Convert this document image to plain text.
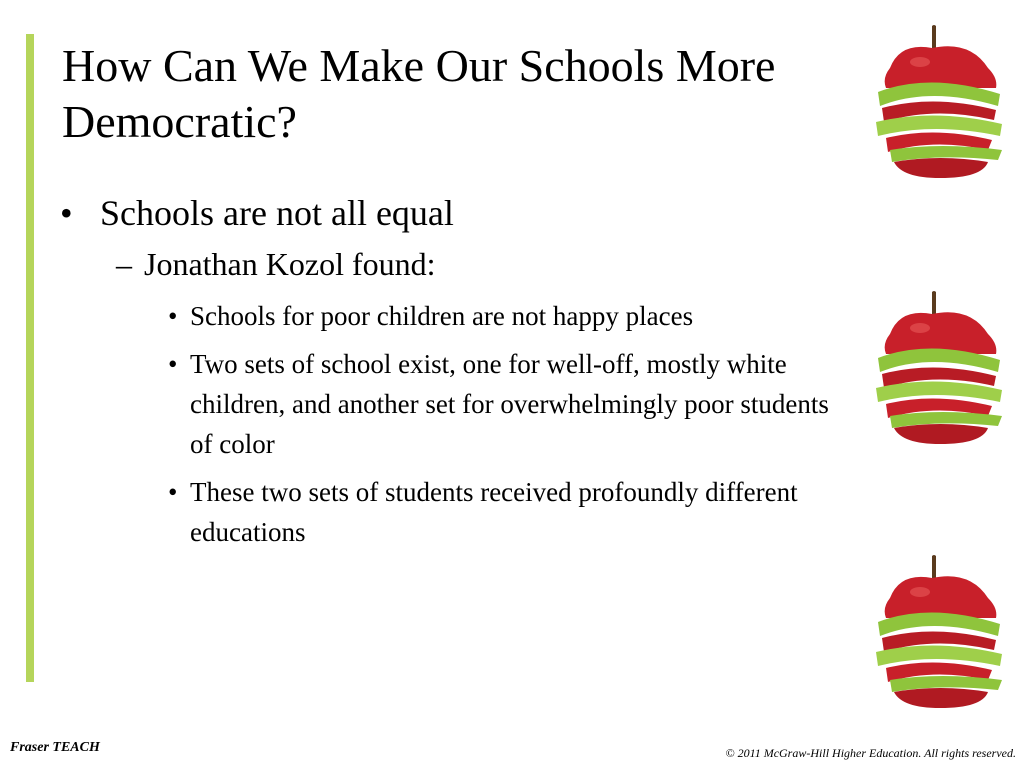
How Can We Make Our Schools More Democratic?
• Schools are not all equal
– Jonathan Kozol found:
• Schools for poor children are not happy places
• Two sets of school exist, one for well-off, mostly white children, and another set for overwhelmingly poor students of color
• These two sets of students received profoundly different educations
Fraser TEACH	© 2011 McGraw-Hill Higher Education. All rights reserved.
